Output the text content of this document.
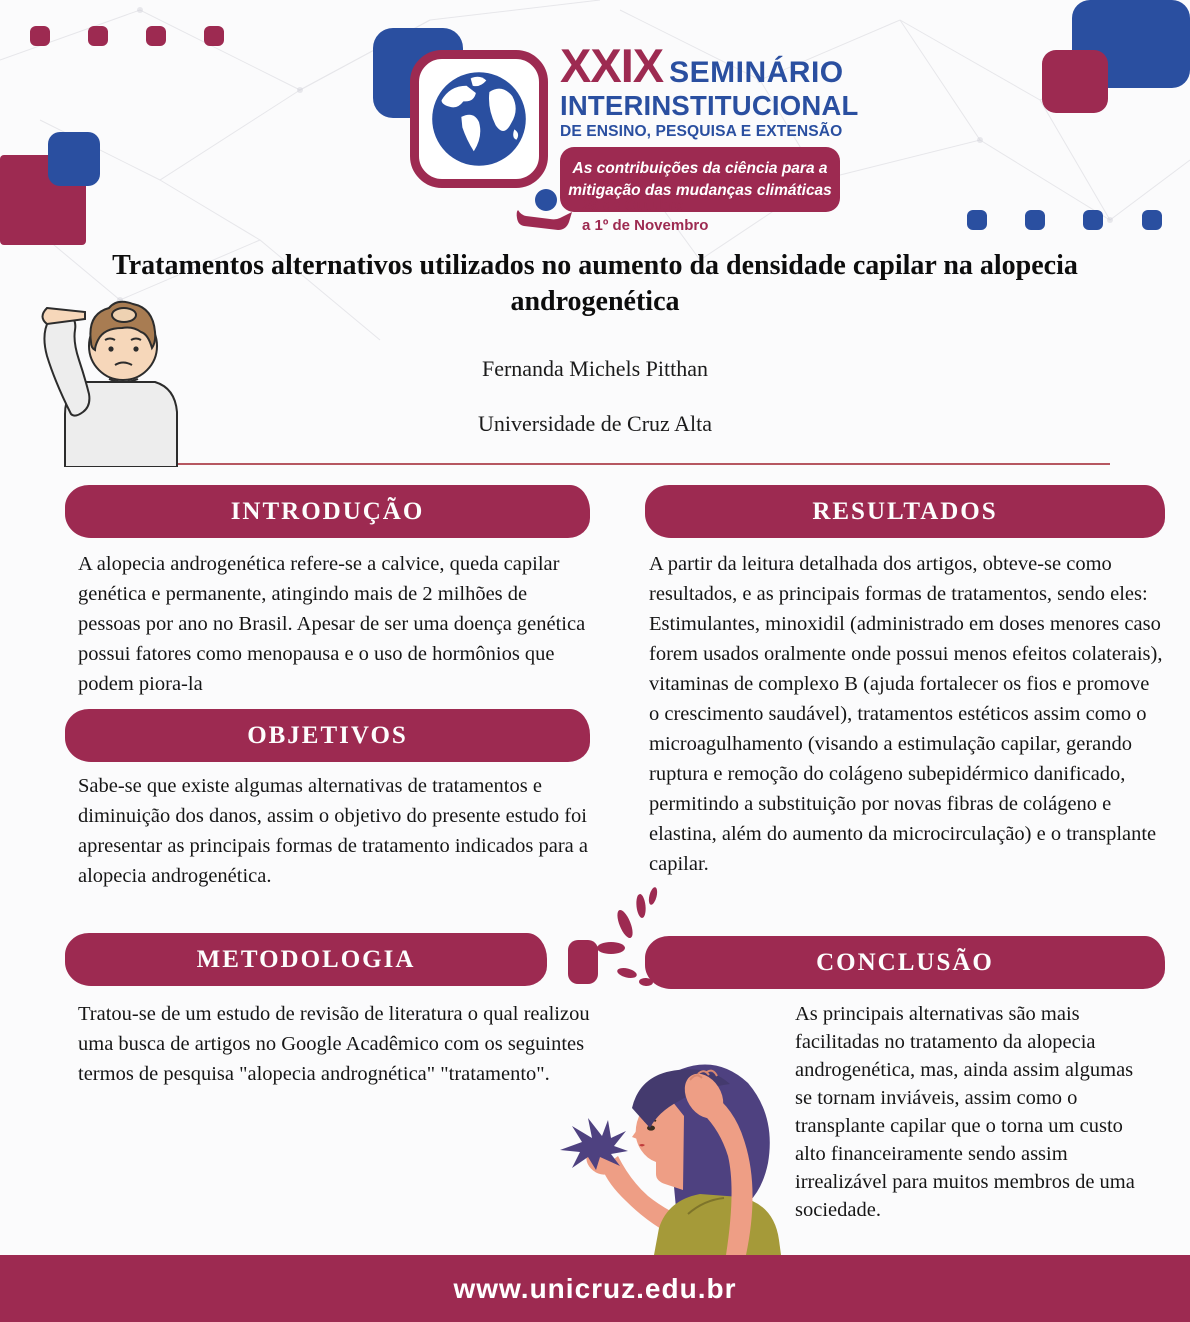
XXIX SEMINÁRIO
INTERINSTITUCIONAL
DE ENSINO, PESQUISA E EXTENSÃO
As contribuições da ciência para a
mitigação das mudanças climáticas
29 de Outubro
a 1º de Novembro
Tratamentos alternativos utilizados no aumento da densidade capilar na alopecia androgenética
Fernanda Michels Pitthan
Universidade de Cruz Alta
INTRODUÇÃO
A alopecia androgenética refere-se a calvice, queda capilar genética e permanente, atingindo mais de 2 milhões de pessoas por ano no Brasil. Apesar de ser uma doença genética possui fatores como menopausa e o uso de hormônios que podem piora-la
OBJETIVOS
Sabe-se que existe algumas alternativas de tratamentos e diminuição dos danos, assim o objetivo do presente estudo foi apresentar as principais formas de tratamento indicados para a alopecia androgenética.
METODOLOGIA
Tratou-se de um estudo de revisão de literatura o qual realizou uma busca de artigos no Google Acadêmico com os seguintes termos de pesquisa "alopecia andrognética" "tratamento".
RESULTADOS
A partir da leitura detalhada dos artigos, obteve-se como resultados, e as principais formas de tratamentos, sendo eles: Estimulantes, minoxidil (administrado em doses menores caso forem usados oralmente onde possui menos efeitos colaterais), vitaminas de complexo B (ajuda fortalecer os fios e promove o crescimento saudável), tratamentos estéticos assim como o microagulhamento (visando a estimulação capilar, gerando ruptura e remoção do colágeno subepidérmico danificado, permitindo a substituição por novas fibras de colágeno e elastina, além do aumento da microcirculação) e o transplante capilar.
CONCLUSÃO
As principais alternativas são mais facilitadas no tratamento da alopecia androgenética, mas, ainda assim algumas se tornam inviáveis, assim como o transplante capilar que o torna um custo alto financeiramente sendo assim irrealizável para muitos membros de uma sociedade.
www.unicruz.edu.br
